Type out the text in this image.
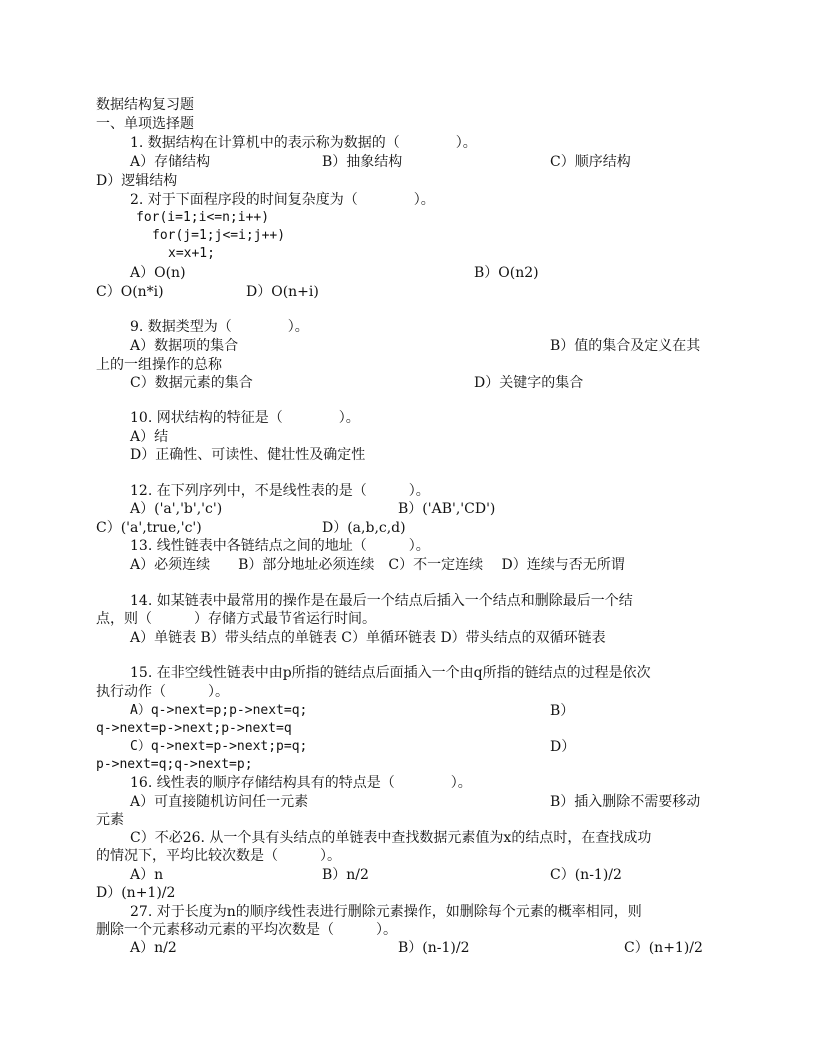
数据结构复习题
一、单项选择题
1. 数据结构在计算机中的表示称为数据的（　　　　）。
A）存储结构	B）抽象结构	C）顺序结构
D）逻辑结构
2. 对于下面程序段的时间复杂度为（　　　　）。
for(i=1;i<=n;i++)
for(j=1;j<=i;j++)
x=x+1;
A）O(n)	B）O(n2)
C）O(n*i)	D）O(n+i)
9. 数据类型为（　　　　）。
A）数据项的集合	B）值的集合及定义在其
上的一组操作的总称
C）数据元素的集合	D）关键字的集合
10. 网状结构的特征是（　　　　）。
A）结
D）正确性、可读性、健壮性及确定性
12. 在下列序列中，不是线性表的是（　　　）。
A）('a','b','c')	B）('AB','CD')
C）('a',true,'c')	D）(a,b,c,d)
13. 线性链表中各链结点之间的地址（　　　）。
A）必须连续　　B）部分地址必须连续　C）不一定连续　 D）连续与否无所谓
14. 如某链表中最常用的操作是在最后一个结点后插入一个结点和删除最后一个结
点，则（　　　）存储方式最节省运行时间。
A）单链表 B）带头结点的单链表 C）单循环链表 D）带头结点的双循环链表
15. 在非空线性链表中由p所指的链结点后面插入一个由q所指的链结点的过程是依次
执行动作（　　　）。
A）q->next=p;p->next=q;	B）
q->next=p->next;p->next=q
C）q->next=p->next;p=q;	D）
p->next=q;q->next=p;
16. 线性表的顺序存储结构具有的特点是（　　　　）。
A）可直接随机访问任一元素	B）插入删除不需要移动
元素
C）不必26. 从一个具有头结点的单链表中查找数据元素值为x的结点时，在查找成功
的情况下，平均比较次数是（　　　）。
A）n	B）n/2	C）(n-1)/2
D）(n+1)/2
27. 对于长度为n的顺序线性表进行删除元素操作，如删除每个元素的概率相同，则
删除一个元素移动元素的平均次数是（　　　）。
A）n/2	B）(n-1)/2	C）(n+1)/2
